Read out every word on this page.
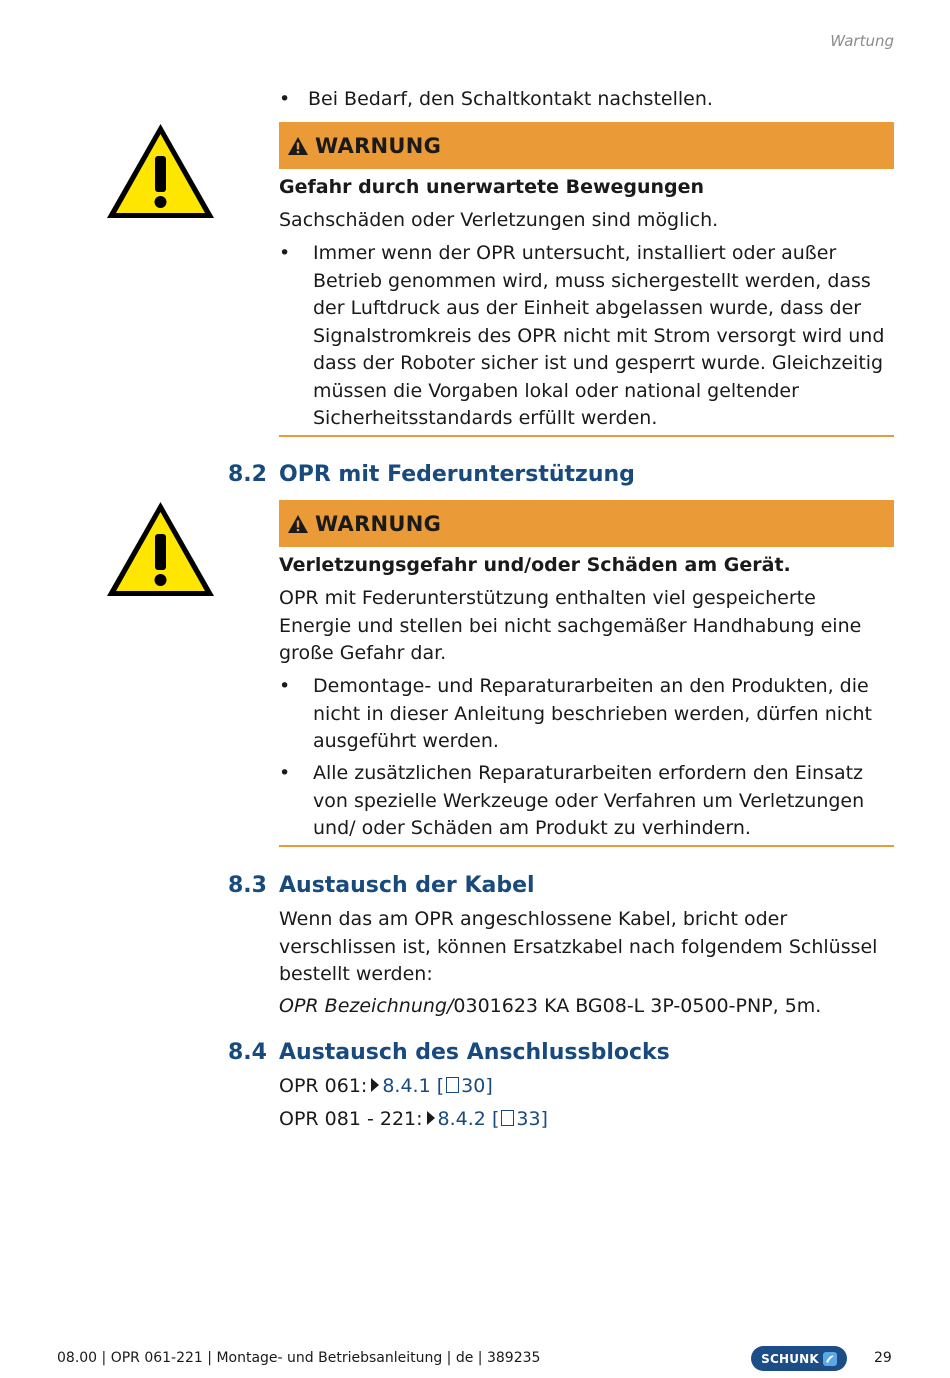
Wartung
• Bei Bedarf, den Schaltkontakt nachstellen.
WARNUNG
Gefahr durch unerwartete Bewegungen
Sachschäden oder Verletzungen sind möglich.
• Immer wenn der OPR untersucht, installiert oder außer Betrieb genommen wird, muss sichergestellt werden, dass der Luftdruck aus der Einheit abgelassen wurde, dass der Signalstromkreis des OPR nicht mit Strom versorgt wird und dass der Roboter sicher ist und gesperrt wurde. Gleichzeitig müssen die Vorgaben lokal oder national geltender Sicherheitsstandards erfüllt werden.
8.2 OPR mit Federunterstützung
WARNUNG
Verletzungsgefahr und/oder Schäden am Gerät.
OPR mit Federunterstützung enthalten viel gespeicherte Energie und stellen bei nicht sachgemäßer Handhabung eine große Gefahr dar.
• Demontage- und Reparaturarbeiten an den Produkten, die nicht in dieser Anleitung beschrieben werden, dürfen nicht ausgeführt werden.
• Alle zusätzlichen Reparaturarbeiten erfordern den Einsatz von spezielle Werkzeuge oder Verfahren um Verletzungen und/ oder Schäden am Produkt zu verhindern.
8.3 Austausch der Kabel
Wenn das am OPR angeschlossene Kabel, bricht oder verschlissen ist, können Ersatzkabel nach folgendem Schlüssel bestellt werden:
OPR Bezeichnung/0301623 KA BG08-L 3P-0500-PNP, 5m.
8.4 Austausch des Anschlussblocks
OPR 061: 8.4.1 [ 30]
OPR 081 - 221: 8.4.2 [ 33]
08.00 | OPR 061-221 | Montage- und Betriebsanleitung | de | 389235	SCHUNK	29
